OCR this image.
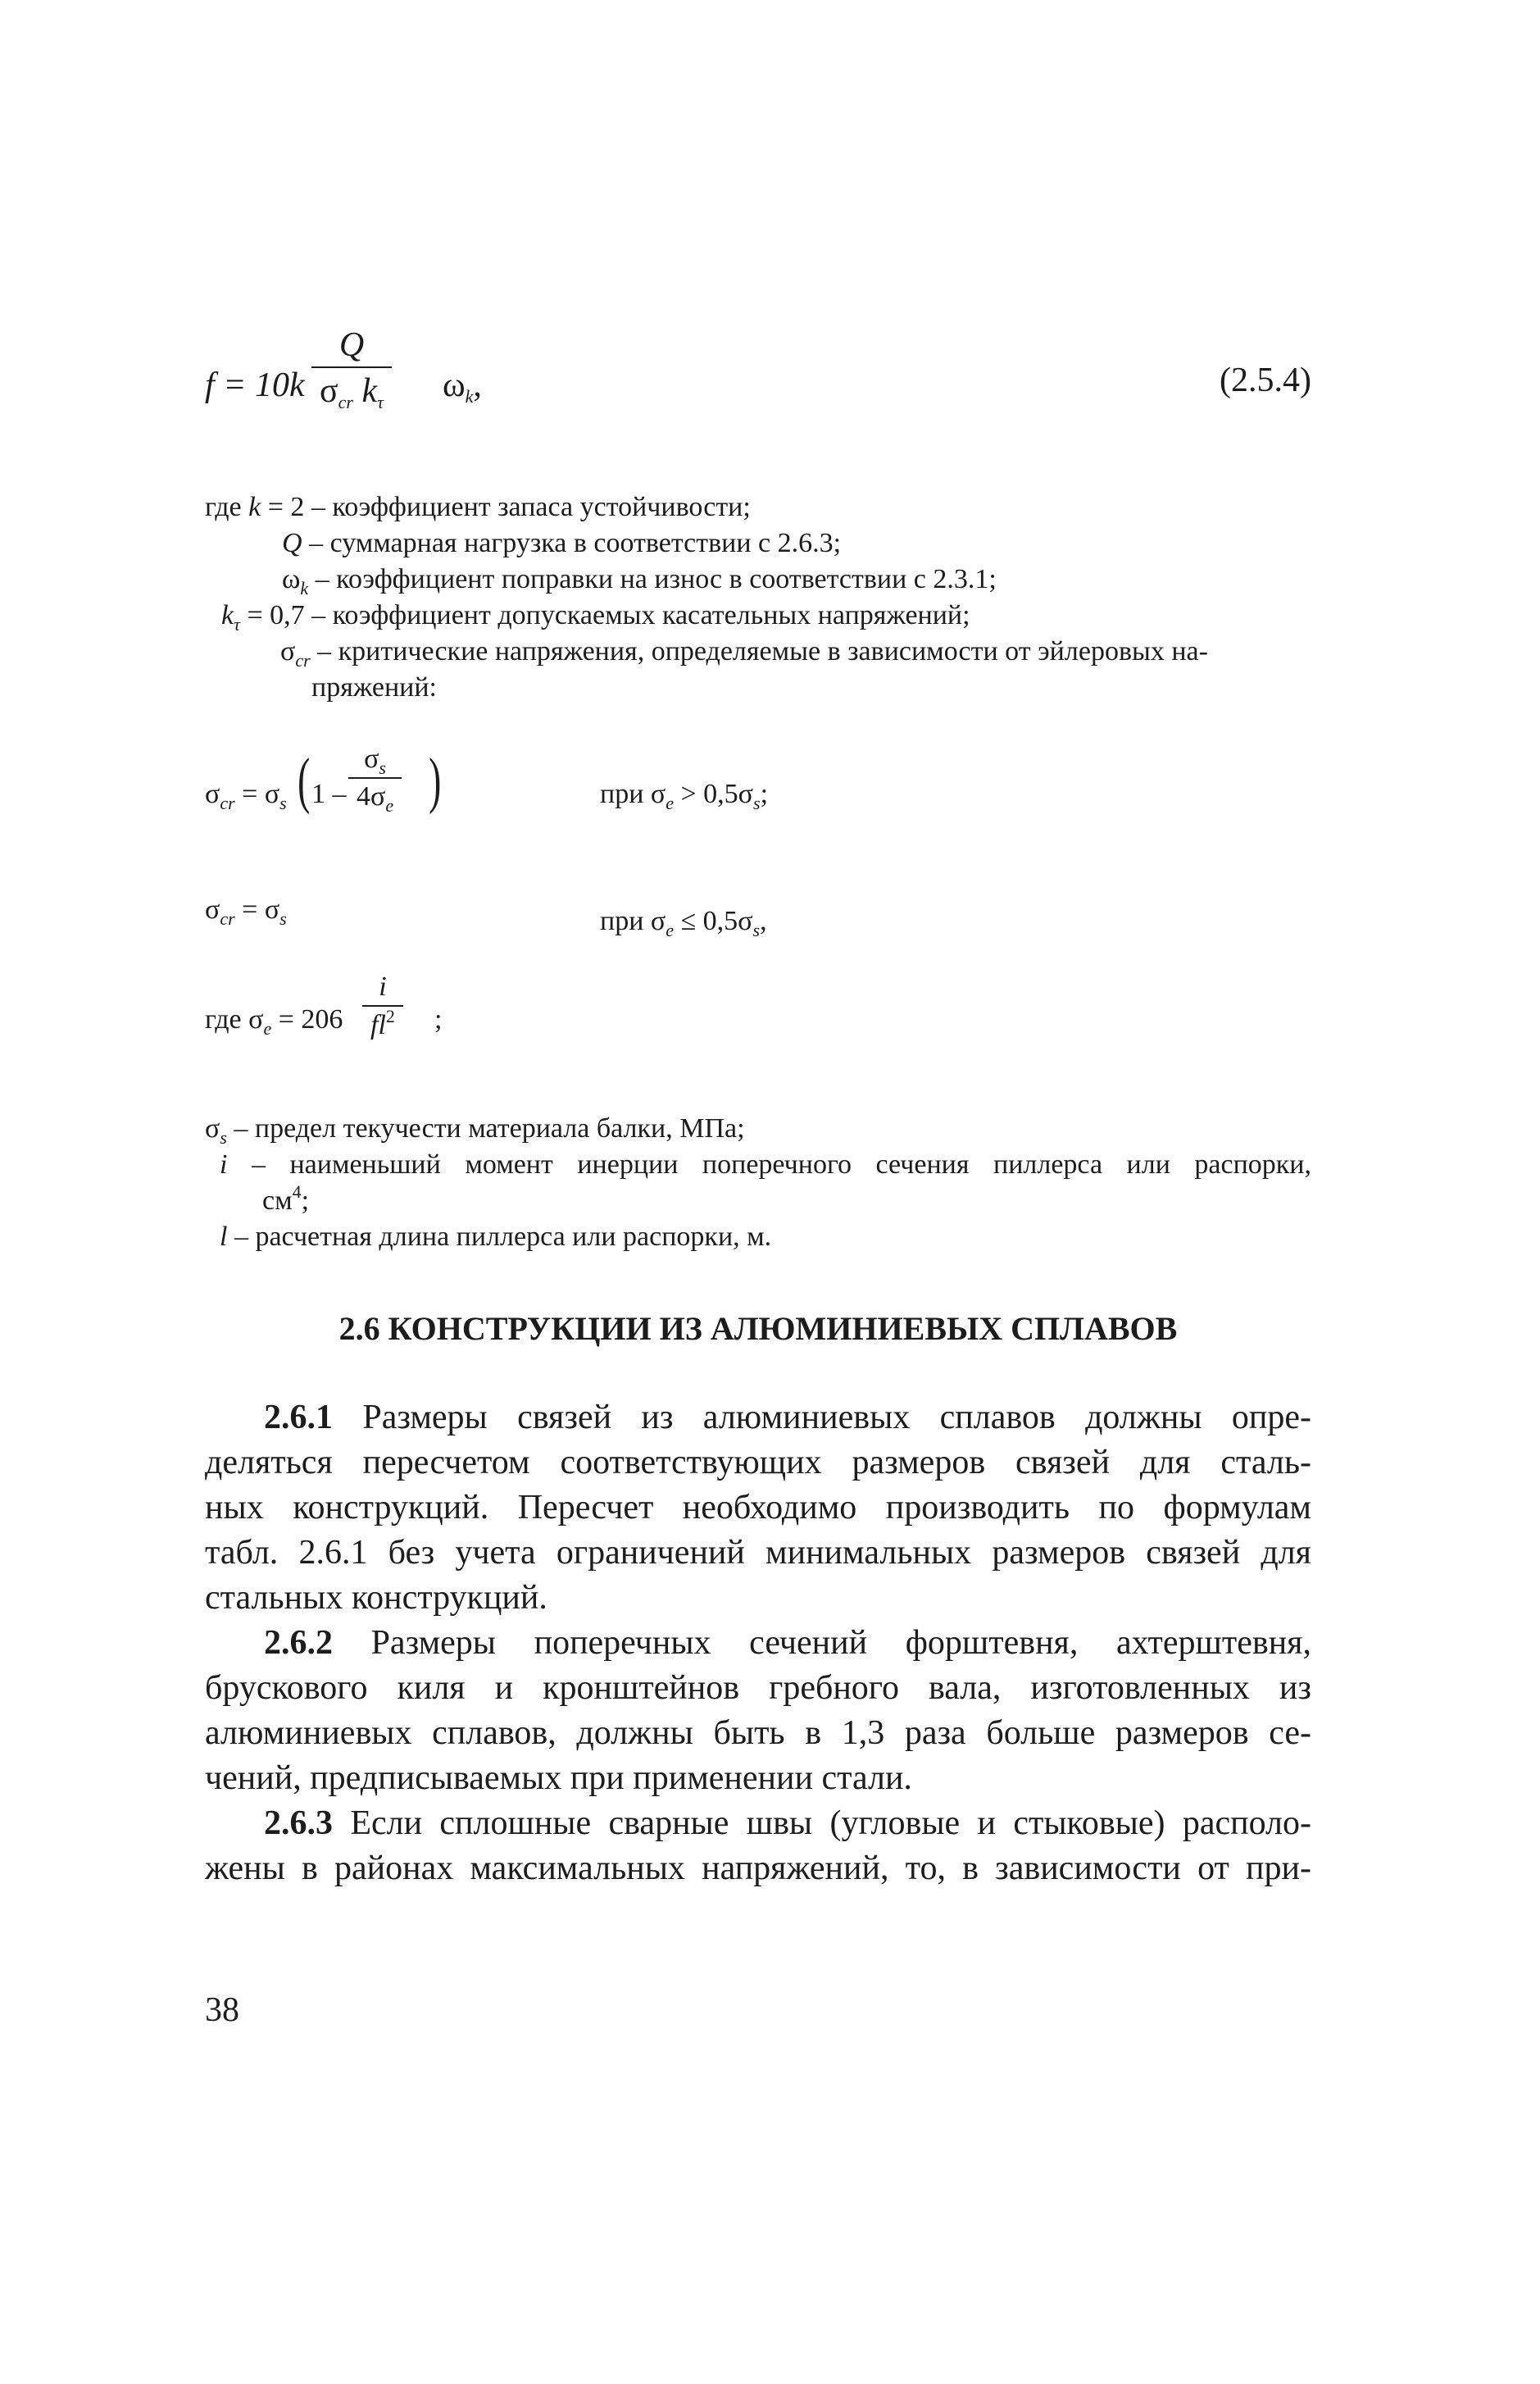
f = 10k
Q
$\sigma_{cr}$ $k_\tau$ $\omega_k$,	(2.5.4)
где k = 2 – коэффициент запаса устойчивости;
Q – суммарная нагрузка в соответствии с 2.6.3;
$\omega_k$ – коэффициент поправки на износ в соответствии с 2.3.1;
$k_\tau = 0,7$ – коэффициент допускаемых касательных напряжений;
$\sigma_{cr}$ – критические напряжения, определяемые в зависимости от эйлеровых на-
пряжений:
$\sigma_{cr} = \sigma_s$ ( $1 - \frac{\sigma_s}{4\sigma_e}$ )	при $\sigma_e > 0,5\sigma_s$;
$\sigma_{cr} = \sigma_s$	при $\sigma_e \le 0,5\sigma_s$,
где $\sigma_e = 206 \frac{i}{fl^2}$ ;
$\sigma_s$ – предел текучести материала балки, МПа;
i – наименьший момент инерции поперечного сечения пиллерса или распорки,
$см^4$;
l – расчетная длина пиллерса или распорки, м.
2.6 КОНСТРУКЦИИ ИЗ АЛЮМИНИЕВЫХ СПЛАВОВ
2.6.1 Размеры связей из алюминиевых сплавов должны опре-
деляться пересчетом соответствующих размеров связей для сталь-
ных конструкций. Пересчет необходимо производить по формулам
табл. 2.6.1 без учета ограничений минимальных размеров связей для
стальных конструкций.
2.6.2 Размеры поперечных сечений форштевня, ахтерштевня,
брускового киля и кронштейнов гребного вала, изготовленных из
алюминиевых сплавов, должны быть в 1,3 раза больше размеров се-
чений, предписываемых при применении стали.
2.6.3 Если сплошные сварные швы (угловые и стыковые) располо-
жены в районах максимальных напряжений, то, в зависимости от при-
38
